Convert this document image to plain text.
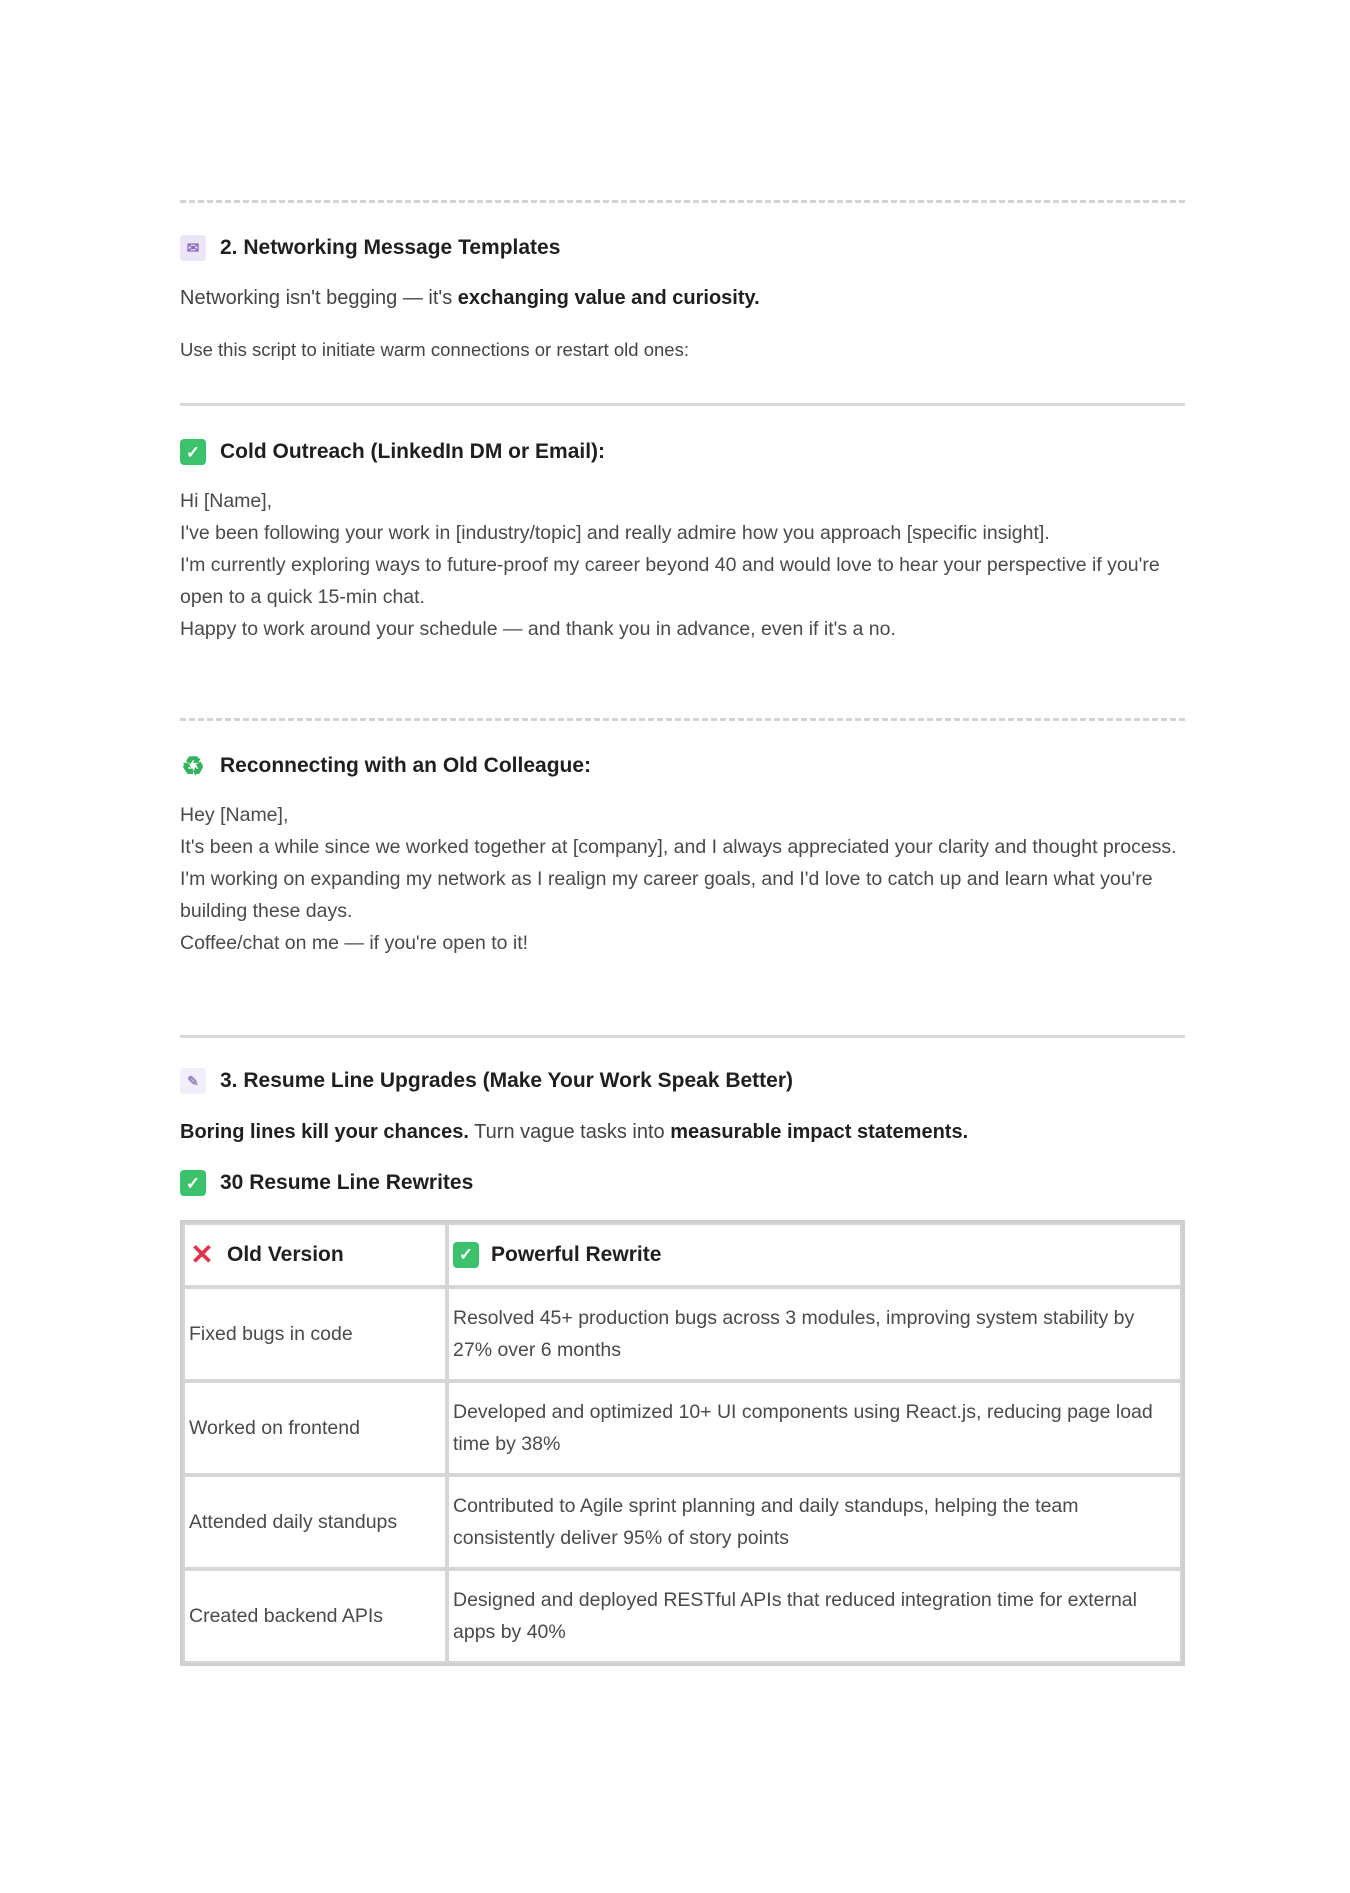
✉ 2. Networking Message Templates

Networking isn't begging — it's exchanging value and curiosity.

Use this script to initiate warm connections or restart old ones:

✓ Cold Outreach (LinkedIn DM or Email):
Hi [Name],
I've been following your work in [industry/topic] and really admire how you approach [specific insight].
I'm currently exploring ways to future-proof my career beyond 40 and would love to hear your perspective if you're open to a quick 15-min chat.
Happy to work around your schedule — and thank you in advance, even if it's a no.
♻ Reconnecting with an Old Colleague:
Hey [Name],
It's been a while since we worked together at [company], and I always appreciated your clarity and thought process.
I'm working on expanding my network as I realign my career goals, and I'd love to catch up and learn what you're building these days.
Coffee/chat on me — if you're open to it!
✎	3. Resume Line Upgrades (Make Your Work Speak Better)

Boring lines kill your chances. Turn vague tasks into measurable impact statements.

✓ 30 Resume Line Rewrites
✕ Old Version	✓ Powerful Rewrite

Fixed bugs in code	Resolved 45+ production bugs across 3 modules, improving system stability by 27% over 6 months
Worked on frontend	Developed and optimized 10+ UI components using React.js, reducing page load time by 38%
Attended daily standups	Contributed to Agile sprint planning and daily standups, helping the team consistently deliver 95% of story points
Created backend APIs	Designed and deployed RESTful APIs that reduced integration time for external apps by 40%
